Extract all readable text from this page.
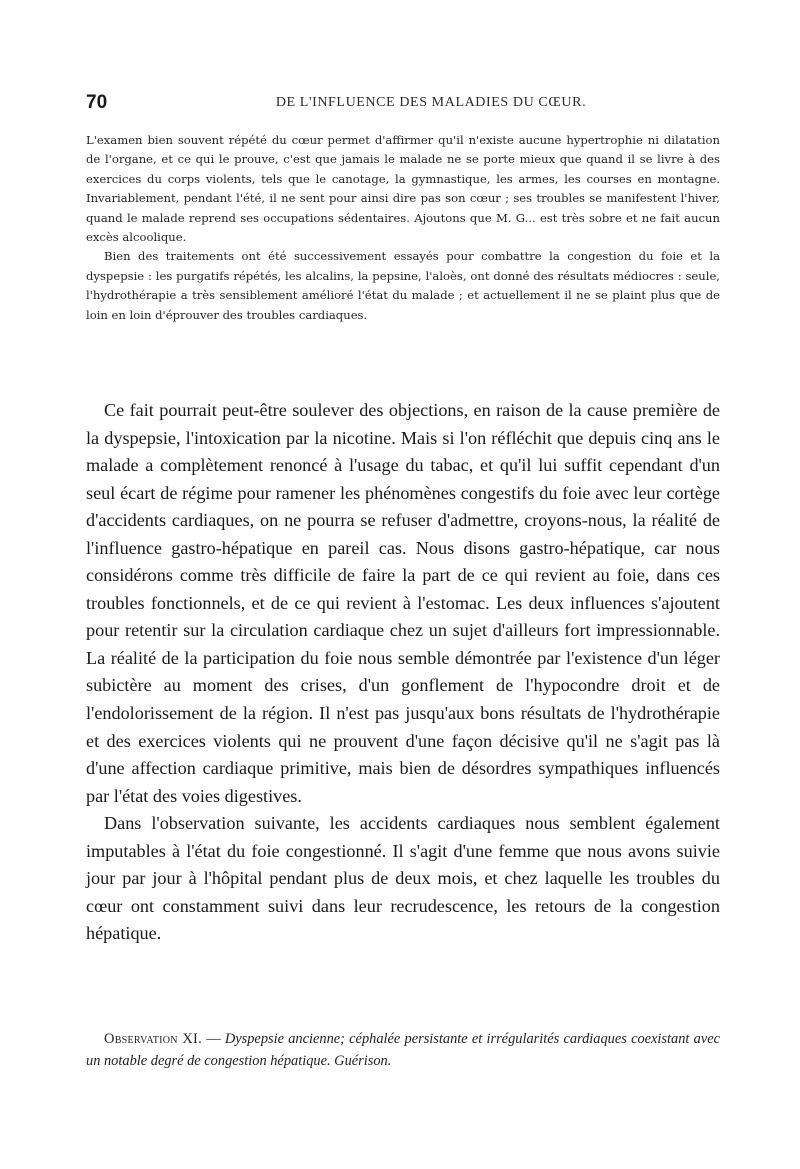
70	DE L'INFLUENCE DES MALADIES DU CŒUR.

L'examen bien souvent répété du cœur permet d'affirmer qu'il n'existe aucune hypertrophie ni dilatation de l'organe, et ce qui le prouve, c'est que jamais le malade ne se porte mieux que quand il se livre à des exercices du corps violents, tels que le canotage, la gymnastique, les armes, les courses en montagne. Invariablement, pendant l'été, il ne sent pour ainsi dire pas son cœur ; ses troubles se manifestent l'hiver, quand le malade reprend ses occupations sédentaires. Ajoutons que M. G... est très sobre et ne fait aucun excès alcoolique.

Bien des traitements ont été successivement essayés pour combattre la congestion du foie et la dyspepsie : les purgatifs répétés, les alcalins, la pepsine, l'aloès, ont donné des résultats médiocres : seule, l'hydrothérapie a très sensiblement amélioré l'état du malade ; et actuellement il ne se plaint plus que de loin en loin d'éprouver des troubles cardiaques.

Ce fait pourrait peut-être soulever des objections, en raison de la cause première de la dyspepsie, l'intoxication par la nicotine. Mais si l'on réfléchit que depuis cinq ans le malade a complètement renoncé à l'usage du tabac, et qu'il lui suffit cependant d'un seul écart de régime pour ramener les phénomènes congestifs du foie avec leur cortège d'accidents cardiaques, on ne pourra se refuser d'admettre, croyons-nous, la réalité de l'influence gastro-hépatique en pareil cas. Nous disons gastro-hépatique, car nous considérons comme très difficile de faire la part de ce qui revient au foie, dans ces troubles fonctionnels, et de ce qui revient à l'estomac. Les deux influences s'ajoutent pour retentir sur la circulation cardiaque chez un sujet d'ailleurs fort impressionnable. La réalité de la participation du foie nous semble démontrée par l'existence d'un léger subictère au moment des crises, d'un gonflement de l'hypocondre droit et de l'endolorissement de la région. Il n'est pas jusqu'aux bons résultats de l'hydrothérapie et des exercices violents qui ne prouvent d'une façon décisive qu'il ne s'agit pas là d'une affection cardiaque primitive, mais bien de désordres sympathiques influencés par l'état des voies digestives.

Dans l'observation suivante, les accidents cardiaques nous semblent également imputables à l'état du foie congestionné. Il s'agit d'une femme que nous avons suivie jour par jour à l'hôpital pendant plus de deux mois, et chez laquelle les troubles du cœur ont constamment suivi dans leur recrudescence, les retours de la congestion hépatique.

Observation XI. — Dyspepsie ancienne; céphalée persistante et irrégularités cardiaques coexistant avec un notable degré de congestion hépatique. Guérison.
